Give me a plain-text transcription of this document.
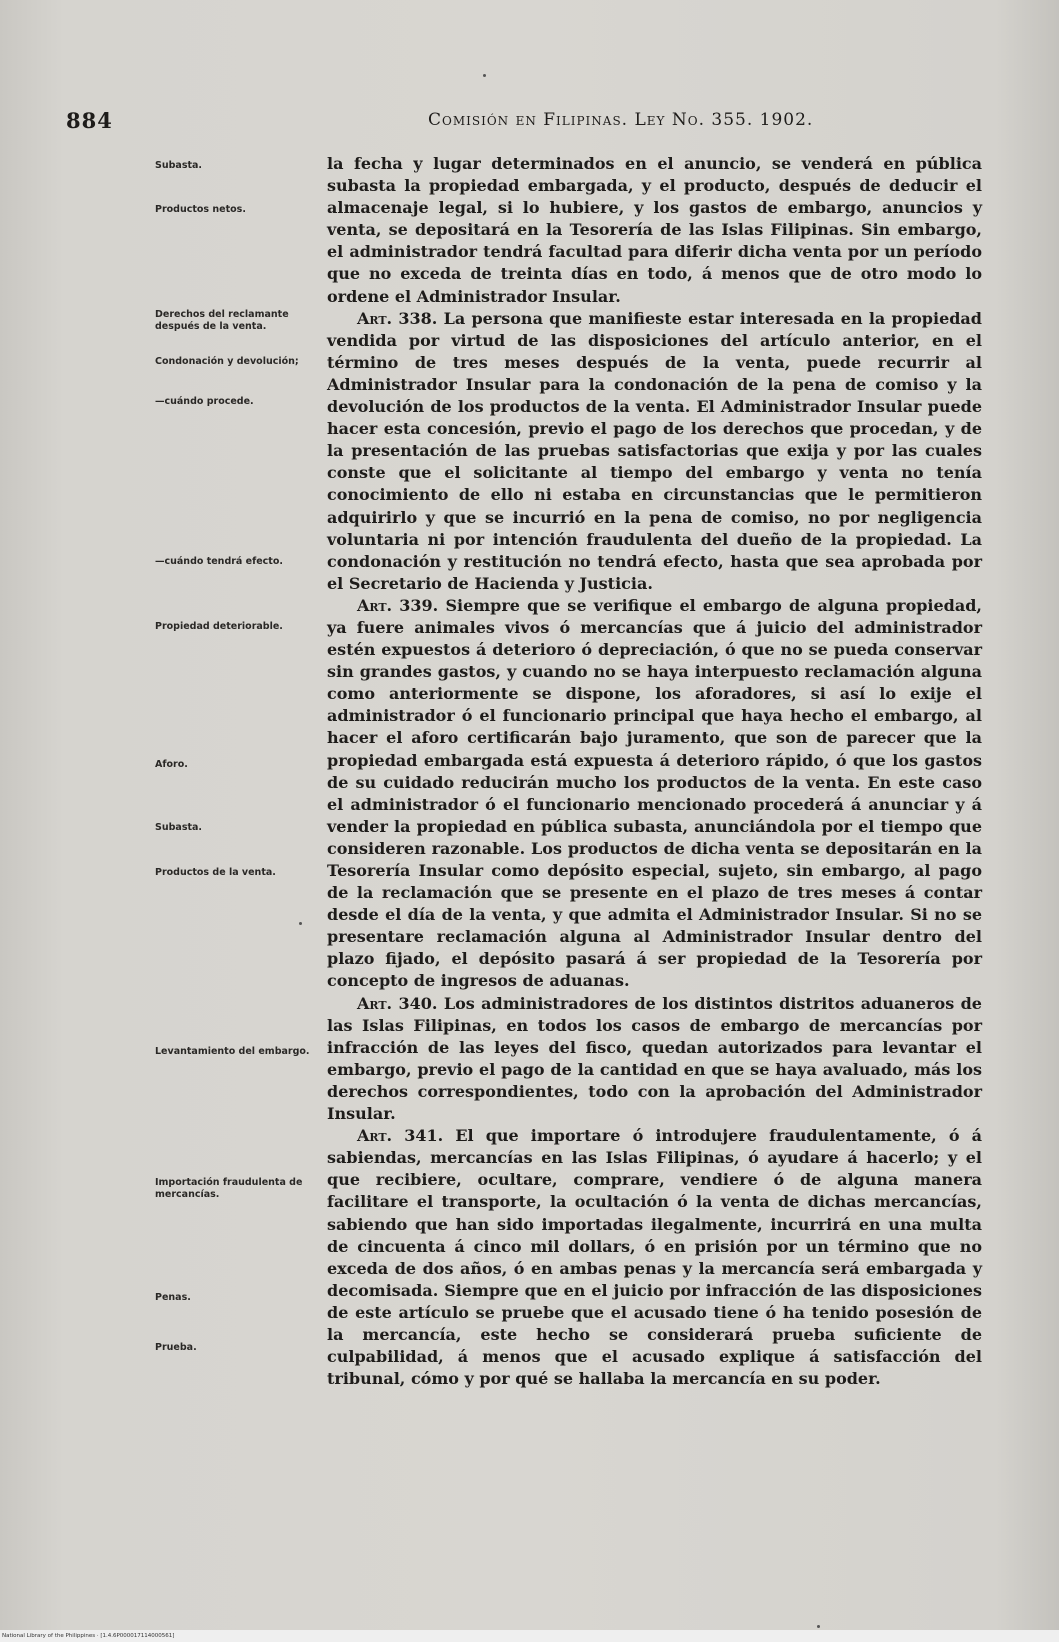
884	Comisión en Filipinas. Ley No. 355. 1902.
Subasta.
Productos netos.
Derechos del reclamante después de la venta.
Condonación y devolución;
—cuándo procede.
—cuándo tendrá efecto.
Propiedad deteriorable.
Aforo.
Subasta.
Productos de la venta.
Levantamiento del embargo.
Importación fraudulenta de mercancías.
Penas.
Prueba.

la fecha y lugar determinados en el anuncio, se venderá en pública subasta la propiedad embargada, y el producto, después de deducir el almacenaje legal, si lo hubiere, y los gastos de embargo, anuncios y venta, se depositará en la Tesorería de las Islas Filipinas. Sin embargo, el administrador tendrá facultad para diferir dicha venta por un período que no exceda de treinta días en todo, á menos que de otro modo lo ordene el Administrador Insular.

Art. 338. La persona que manifieste estar interesada en la propiedad vendida por virtud de las disposiciones del artículo anterior, en el término de tres meses después de la venta, puede recurrir al Administrador Insular para la condonación de la pena de comiso y la devolución de los productos de la venta. El Administrador Insular puede hacer esta concesión, previo el pago de los derechos que procedan, y de la presentación de las pruebas satisfactorias que exija y por las cuales conste que el solicitante al tiempo del embargo y venta no tenía conocimiento de ello ni estaba en circunstancias que le permitieron adquirirlo y que se incurrió en la pena de comiso, no por negligencia voluntaria ni por intención fraudulenta del dueño de la propiedad. La condonación y restitución no tendrá efecto, hasta que sea aprobada por el Secretario de Hacienda y Justicia.

Art. 339. Siempre que se verifique el embargo de alguna propiedad, ya fuere animales vivos ó mercancías que á juicio del administrador estén expuestos á deterioro ó depreciación, ó que no se pueda conservar sin grandes gastos, y cuando no se haya interpuesto reclamación alguna como anteriormente se dispone, los aforadores, si así lo exije el administrador ó el funcionario principal que haya hecho el embargo, al hacer el aforo certificarán bajo juramento, que son de parecer que la propiedad embargada está expuesta á deterioro rápido, ó que los gastos de su cuidado reducirán mucho los productos de la venta. En este caso el administrador ó el funcionario mencionado procederá á anunciar y á vender la propiedad en pública subasta, anunciándola por el tiempo que consideren razonable. Los productos de dicha venta se depositarán en la Tesorería Insular como depósito especial, sujeto, sin embargo, al pago de la reclamación que se presente en el plazo de tres meses á contar desde el día de la venta, y que admita el Administrador Insular. Si no se presentare reclamación alguna al Administrador Insular dentro del plazo fijado, el depósito pasará á ser propiedad de la Tesorería por concepto de ingresos de aduanas.

Art. 340. Los administradores de los distintos distritos aduaneros de las Islas Filipinas, en todos los casos de embargo de mercancías por infracción de las leyes del fisco, quedan autorizados para levantar el embargo, previo el pago de la cantidad en que se haya avaluado, más los derechos correspondientes, todo con la aprobación del Administrador Insular.

Art. 341. El que importare ó introdujere fraudulentamente, ó á sabiendas, mercancías en las Islas Filipinas, ó ayudare á hacerlo; y el que recibiere, ocultare, comprare, vendiere ó de alguna manera facilitare el transporte, la ocultación ó la venta de dichas mercancías, sabiendo que han sido importadas ilegalmente, incurrirá en una multa de cincuenta á cinco mil dollars, ó en prisión por un término que no exceda de dos años, ó en ambas penas y la mercancía será embargada y decomisada. Siempre que en el juicio por infracción de las disposiciones de este artículo se pruebe que el acusado tiene ó ha tenido posesión de la mercancía, este hecho se considerará prueba suficiente de culpabilidad, á menos que el acusado explique á satisfacción del tribunal, cómo y por qué se hallaba la mercancía en su poder.

National Library of the Philippines · [1.4.6P000017114000561]
